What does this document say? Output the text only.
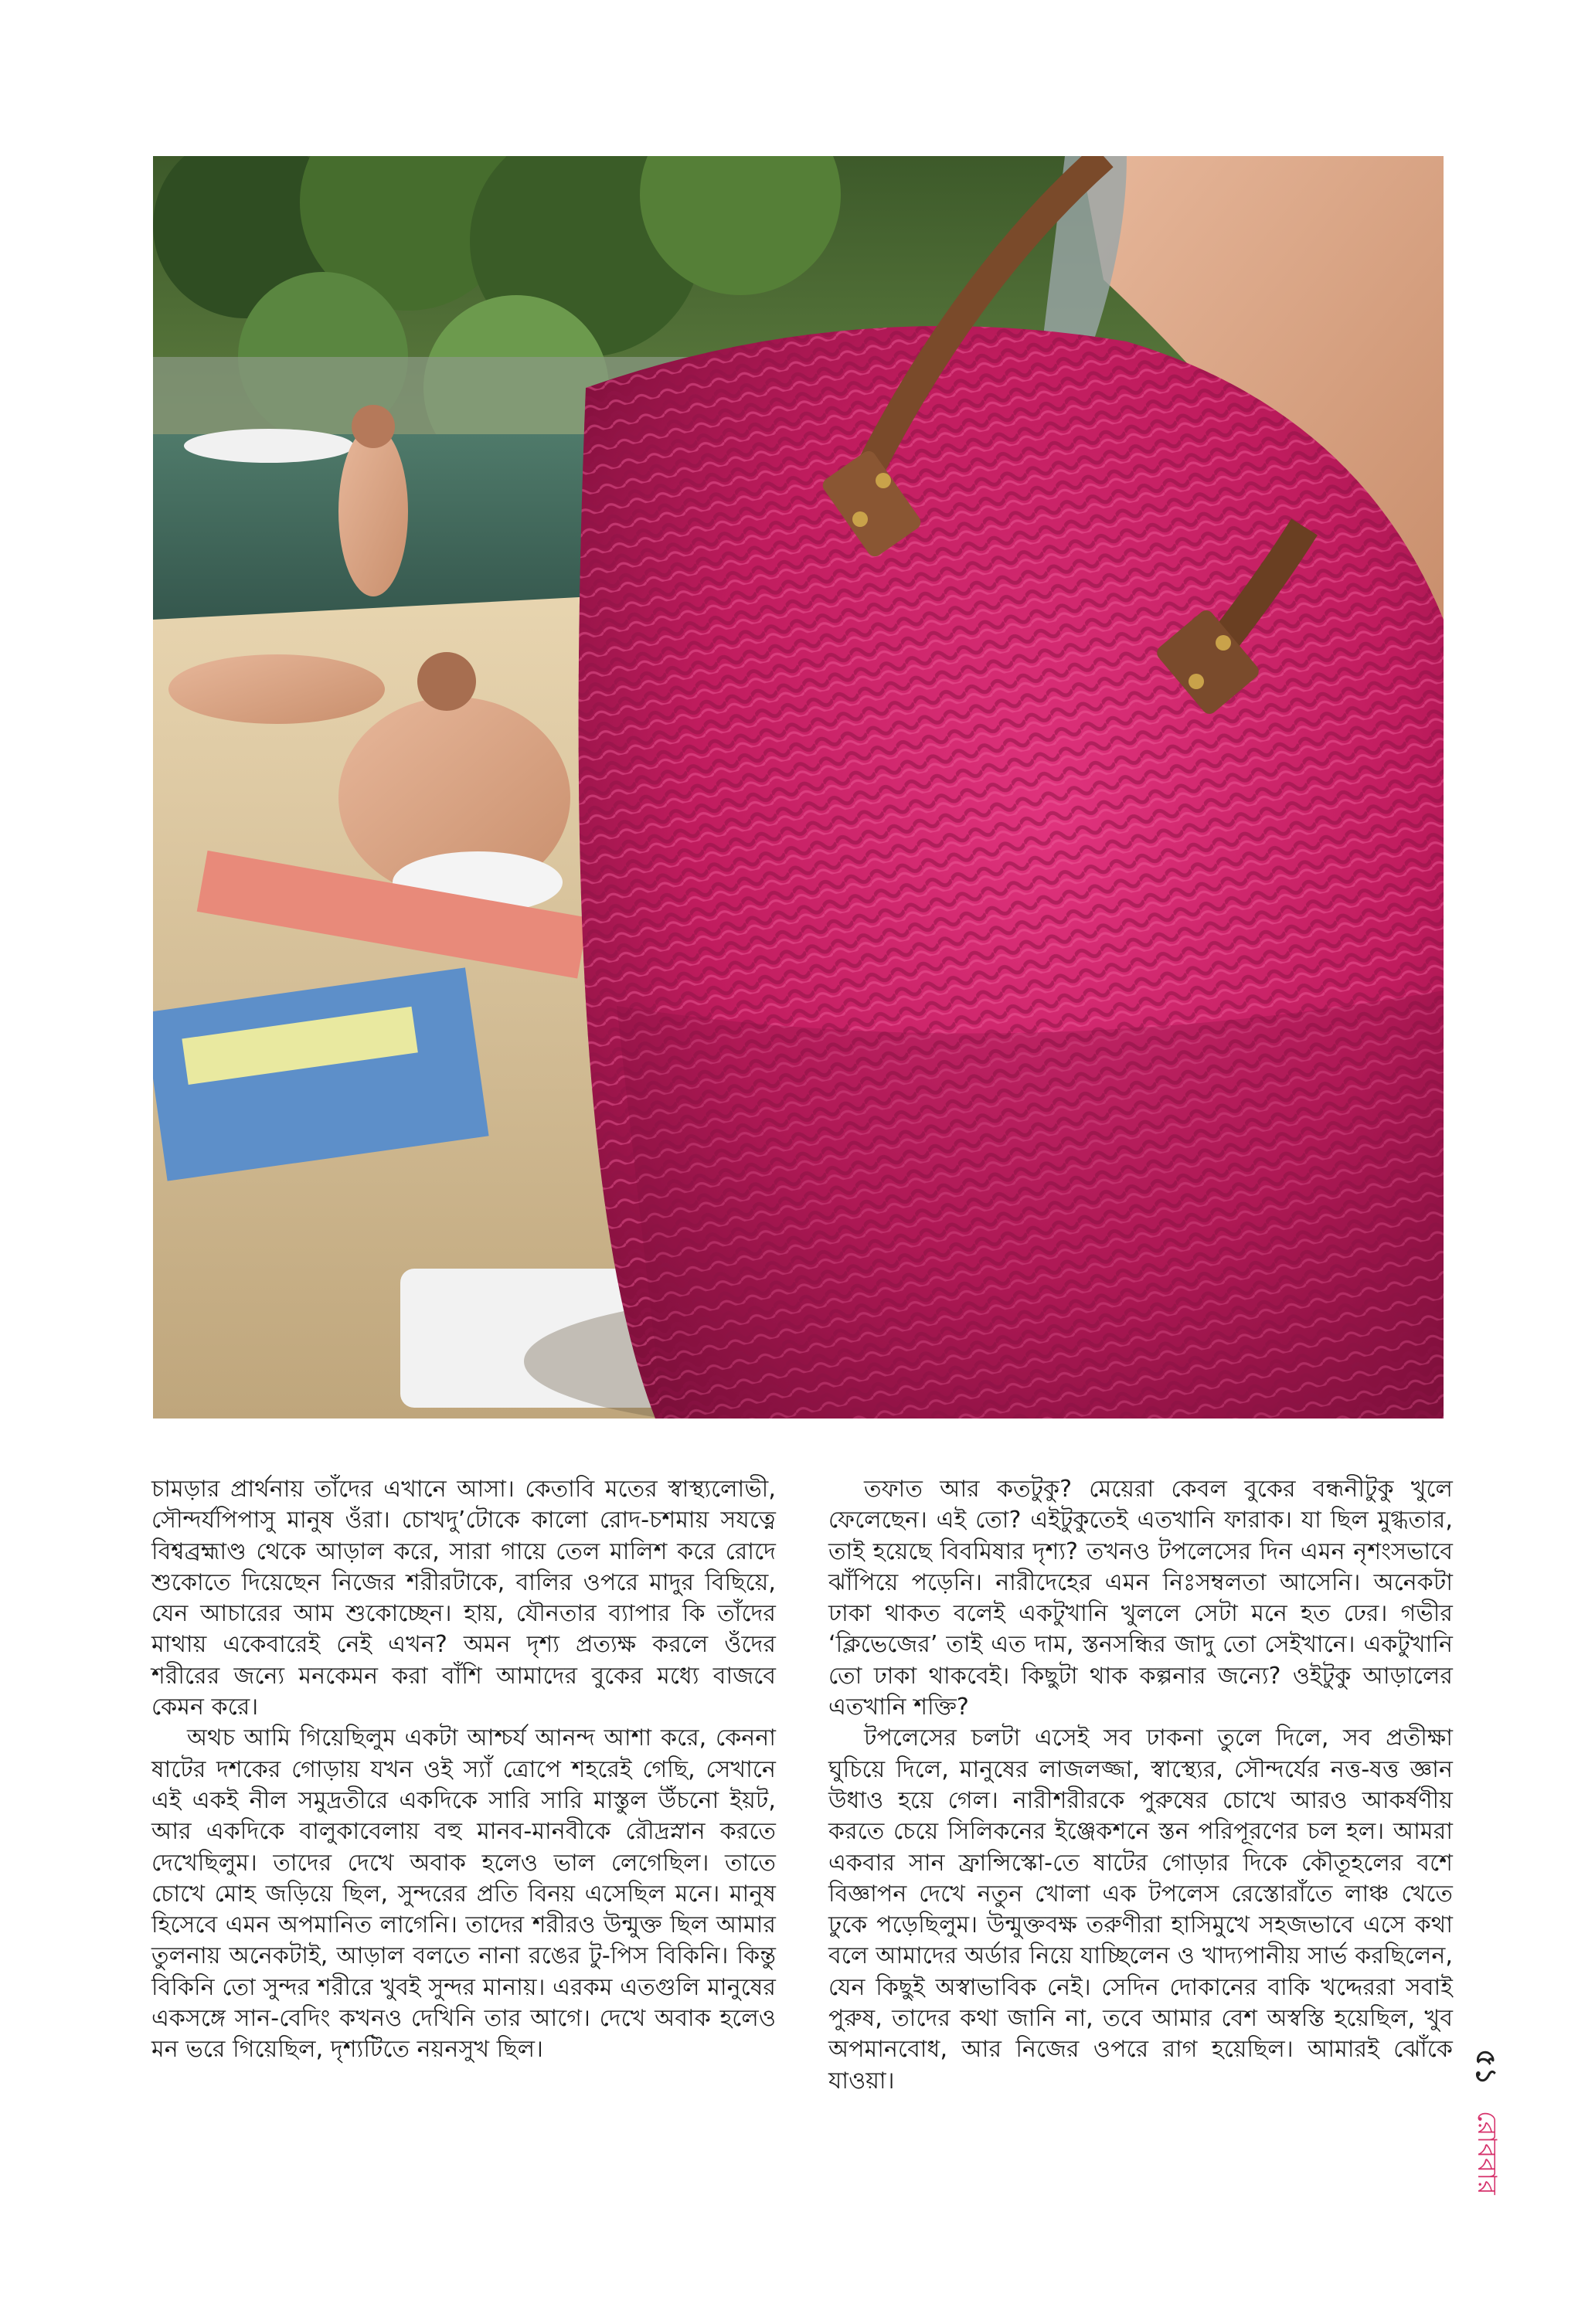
চামড়ার প্রার্থনায় তাঁদের এখানে আসা। কেতাবি মতের স্বাস্থ্যলোভী, সৌন্দর্যপিপাসু মানুষ ওঁরা। চোখদু’টোকে কালো রোদ-চশমায় সযত্নে বিশ্বব্রহ্মাণ্ড থেকে আড়াল করে, সারা গায়ে তেল মালিশ করে রোদে শুকোতে দিয়েছেন নিজের শরীরটাকে, বালির ওপরে মাদুর বিছিয়ে, যেন আচারের আম শুকোচ্ছেন। হায়, যৌনতার ব্যাপার কি তাঁদের মাথায় একেবারেই নেই এখন? অমন দৃশ্য প্রত্যক্ষ করলে ওঁদের শরীরের জন্যে মনকেমন করা বাঁশি আমাদের বুকের মধ্যে বাজবে কেমন করে।

অথচ আমি গিয়েছিলুম একটা আশ্চর্য আনন্দ আশা করে, কেননা ষাটের দশকের গোড়ায় যখন ওই স্যাঁ ত্রোপে শহরেই গেছি, সেখানে এই একই নীল সমুদ্রতীরে একদিকে সারি সারি মাস্তুল উঁচনো ইয়ট, আর একদিকে বালুকাবেলায় বহু মানব-মানবীকে রৌদ্রস্নান করতে দেখেছিলুম। তাদের দেখে অবাক হলেও ভাল লেগেছিল। তাতে চোখে মোহ জড়িয়ে ছিল, সুন্দরের প্রতি বিনয় এসেছিল মনে। মানুষ হিসেবে এমন অপমানিত লাগেনি। তাদের শরীরও উন্মুক্ত ছিল আমার তুলনায় অনেকটাই, আড়াল বলতে নানা রঙের টু-পিস বিকিনি। কিন্তু বিকিনি তো সুন্দর শরীরে খুবই সুন্দর মানায়। এরকম এতগুলি মানুষের একসঙ্গে সান-বেদিং কখনও দেখিনি তার আগে। দেখে অবাক হলেও মন ভরে গিয়েছিল, দৃশ্যটিতে নয়নসুখ ছিল।

তফাত আর কতটুকু? মেয়েরা কেবল বুকের বন্ধনীটুকু খুলে ফেলেছেন। এই তো? এইটুকুতেই এতখানি ফারাক। যা ছিল মুগ্ধতার, তাই হয়েছে বিবমিষার দৃশ্য? তখনও টপলেসের দিন এমন নৃশংসভাবে ঝাঁপিয়ে পড়েনি। নারীদেহের এমন নিঃসম্বলতা আসেনি। অনেকটা ঢাকা থাকত বলেই একটুখানি খুললে সেটা মনে হত ঢের। গভীর ‘ক্লিভেজের’ তাই এত দাম, স্তনসন্ধির জাদু তো সেইখানে। একটুখানি তো ঢাকা থাকবেই। কিছুটা থাক কল্পনার জন্যে? ওইটুকু আড়ালের এতখানি শক্তি?

টপলেসের চলটা এসেই সব ঢাকনা তুলে দিলে, সব প্রতীক্ষা ঘুচিয়ে দিলে, মানুষের লাজলজ্জা, স্বাস্থ্যের, সৌন্দর্যের নত্ত-ষত্ত জ্ঞান উধাও হয়ে গেল। নারীশরীরকে পুরুষের চোখে আরও আকর্ষণীয় করতে চেয়ে সিলিকনের ইঞ্জেকশনে স্তন পরিপূরণের চল হল। আমরা একবার সান ফ্রান্সিস্কো-তে ষাটের গোড়ার দিকে কৌতূহলের বশে বিজ্ঞাপন দেখে নতুন খোলা এক টপলেস রেস্তোরাঁতে লাঞ্চ খেতে ঢুকে পড়েছিলুম। উন্মুক্তবক্ষ তরুণীরা হাসিমুখে সহজভাবে এসে কথা বলে আমাদের অর্ডার নিয়ে যাচ্ছিলেন ও খাদ্যপানীয় সার্ভ করছিলেন, যেন কিছুই অস্বাভাবিক নেই। সেদিন দোকানের বাকি খদ্দেররা সবাই পুরুষ, তাদের কথা জানি না, তবে আমার বেশ অস্বস্তি হয়েছিল, খুব অপমানবোধ, আর নিজের ওপরে রাগ হয়েছিল। আমারই ঝোঁকে যাওয়া।	৫১
রোববার
